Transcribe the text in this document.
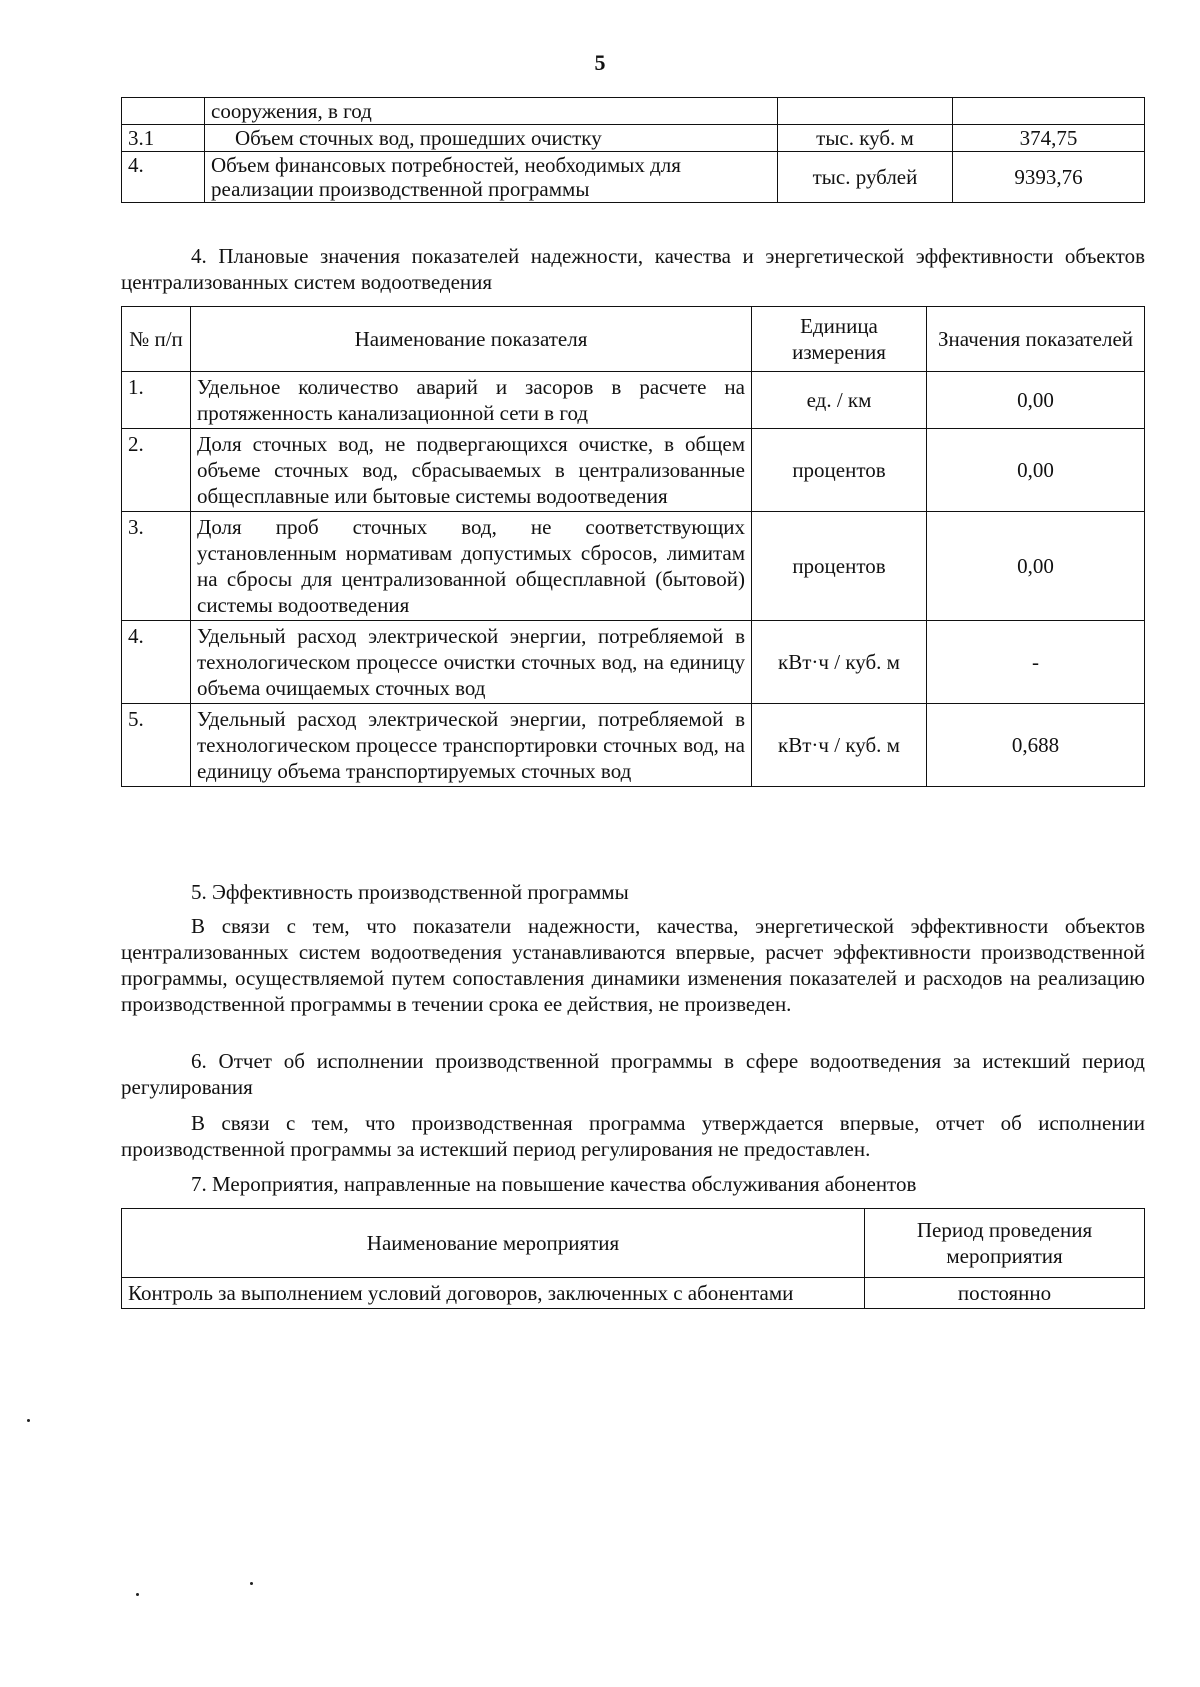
5
	сооружения, в год		
3.1	Объем сточных вод, прошедших очистку	тыс. куб. м	374,75
4.	Объем финансовых потребностей, необходимых для реализации производственной программы	тыс. рублей	9393,76
4. Плановые значения показателей надежности, качества и энергетической эффективности объектов централизованных систем водоотведения
№ п/п	Наименование показателя	Единица измерения	Значения показателей
1.	Удельное количество аварий и засоров в расчете на протяженность канализационной сети в год	ед. / км	0,00
2.	Доля сточных вод, не подвергающихся очистке, в общем объеме сточных вод, сбрасываемых в централизованные общесплавные или бытовые системы водоотведения	процентов	0,00
3.	Доля проб сточных вод, не соответствующих установленным нормативам допустимых сбросов, лимитам на сбросы для централизованной общесплавной (бытовой) системы водоотведения	процентов	0,00
4.	Удельный расход электрической энергии, потребляемой в технологическом процессе очистки сточных вод, на единицу объема очищаемых сточных вод	кВт·ч / куб. м	-
5.	Удельный расход электрической энергии, потребляемой в технологическом процессе транспортировки сточных вод, на единицу объема транспортируемых сточных вод	кВт·ч / куб. м	0,688
5. Эффективность производственной программы
В связи с тем, что показатели надежности, качества, энергетической эффективности объектов централизованных систем водоотведения устанавливаются впервые, расчет эффективности производственной программы, осуществляемой путем сопоставления динамики изменения показателей и расходов на реализацию производственной программы в течении срока ее действия, не произведен.
6. Отчет об исполнении производственной программы в сфере водоотведения за истекший период регулирования
В связи с тем, что производственная программа утверждается впервые, отчет об исполнении производственной программы за истекший период регулирования не предоставлен.
7. Мероприятия, направленные на повышение качества обслуживания абонентов
Наименование мероприятия	Период проведения мероприятия
Контроль за выполнением условий договоров, заключенных с абонентами	постоянно
